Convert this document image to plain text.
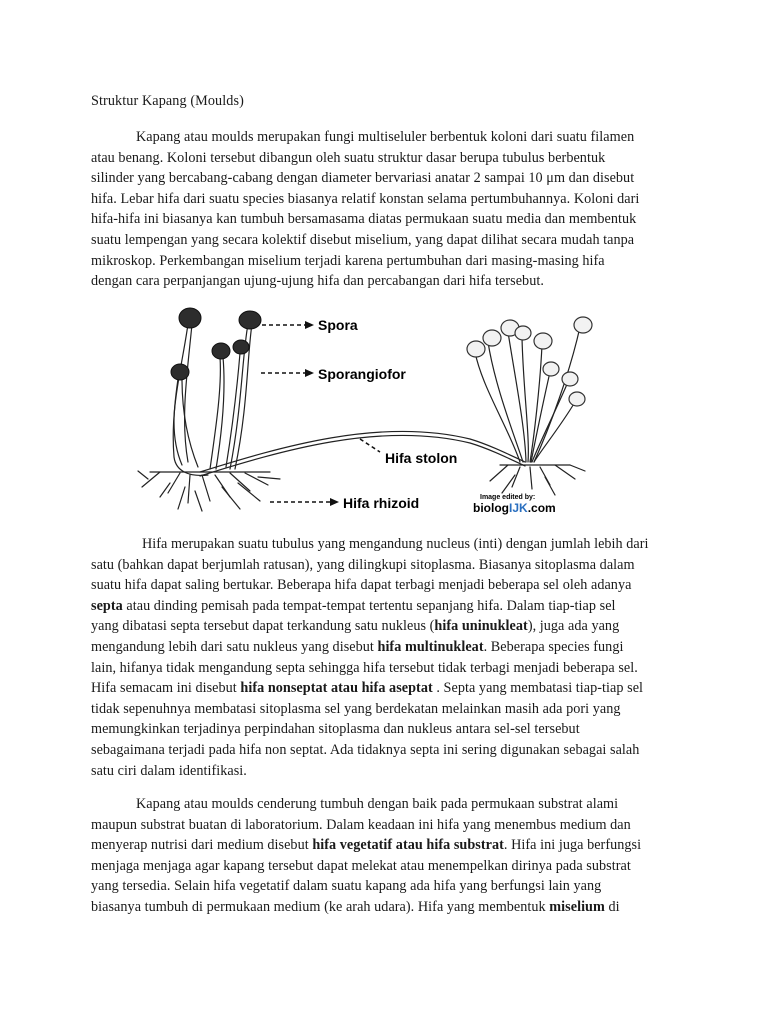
Struktur Kapang (Moulds)

Kapang atau moulds merupakan fungi multiseluler berbentuk koloni dari suatu filamen
atau benang. Koloni tersebut dibangun oleh suatu struktur dasar berupa tubulus berbentuk
silinder yang bercabang-cabang dengan diameter bervariasi anatar 2 sampai 10 μm dan disebut
hifa. Lebar hifa dari suatu species biasanya relatif konstan selama pertumbuhannya. Koloni dari
hifa-hifa ini biasanya kan tumbuh bersamasama diatas permukaan suatu media dan membentuk
suatu lempengan yang secara kolektif disebut miselium, yang dapat dilihat secara mudah tanpa
mikroskop. Perkembangan miselium terjadi karena pertumbuhan dari masing-masing hifa
dengan cara perpanjangan ujung-ujung hifa dan percabangan dari hifa tersebut.

Spora
Sporangiofor
Hifa stolon
Hifa rhizoid	Image edited by:
biologIJK.com

Hifa merupakan suatu tubulus yang mengandung nucleus (inti) dengan jumlah lebih dari
satu (bahkan dapat berjumlah ratusan), yang dilingkupi sitoplasma. Biasanya sitoplasma dalam
suatu hifa dapat saling bertukar. Beberapa hifa dapat terbagi menjadi beberapa sel oleh adanya
septa atau dinding pemisah pada tempat-tempat tertentu sepanjang hifa. Dalam tiap-tiap sel
yang dibatasi septa tersebut dapat terkandung satu nukleus (hifa uninukleat), juga ada yang
mengandung lebih dari satu nukleus yang disebut hifa multinukleat. Beberapa species fungi
lain, hifanya tidak mengandung septa sehingga hifa tersebut tidak terbagi menjadi beberapa sel.
Hifa semacam ini disebut hifa nonseptat atau hifa aseptat . Septa yang membatasi tiap-tiap sel
tidak sepenuhnya membatasi sitoplasma sel yang berdekatan melainkan masih ada pori yang
memungkinkan terjadinya perpindahan sitoplasma dan nukleus antara sel-sel tersebut
sebagaimana terjadi pada hifa non septat. Ada tidaknya septa ini sering digunakan sebagai salah
satu ciri dalam identifikasi.

Kapang atau moulds cenderung tumbuh dengan baik pada permukaan substrat alami
maupun substrat buatan di laboratorium. Dalam keadaan ini hifa yang menembus medium dan
menyerap nutrisi dari medium disebut hifa vegetatif atau hifa substrat. Hifa ini juga berfungsi
menjaga menjaga agar kapang tersebut dapat melekat atau menempelkan dirinya pada substrat
yang tersedia. Selain hifa vegetatif dalam suatu kapang ada hifa yang berfungsi lain yang
biasanya tumbuh di permukaan medium (ke arah udara). Hifa yang membentuk miselium di
